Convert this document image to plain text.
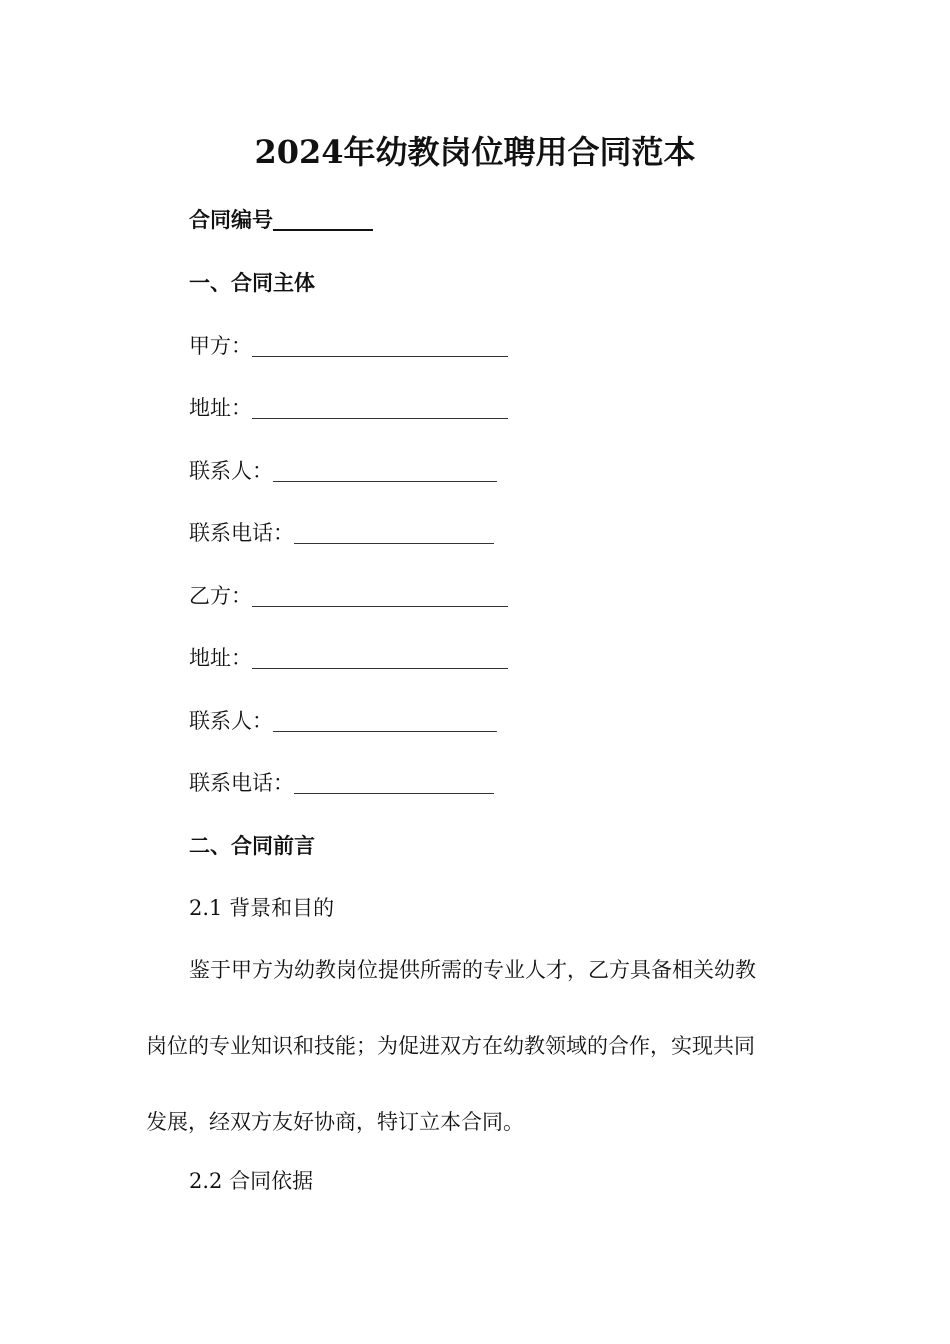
2024年幼教岗位聘用合同范本
合同编号
一、合同主体
甲方：
地址：
联系人：
联系电话：
乙方：
地址：
联系人：
联系电话：
二、合同前言
2.1 背景和目的
鉴于甲方为幼教岗位提供所需的专业人才，乙方具备相关幼教
岗位的专业知识和技能；为促进双方在幼教领域的合作，实现共同
发展，经双方友好协商，特订立本合同。
2.2 合同依据
